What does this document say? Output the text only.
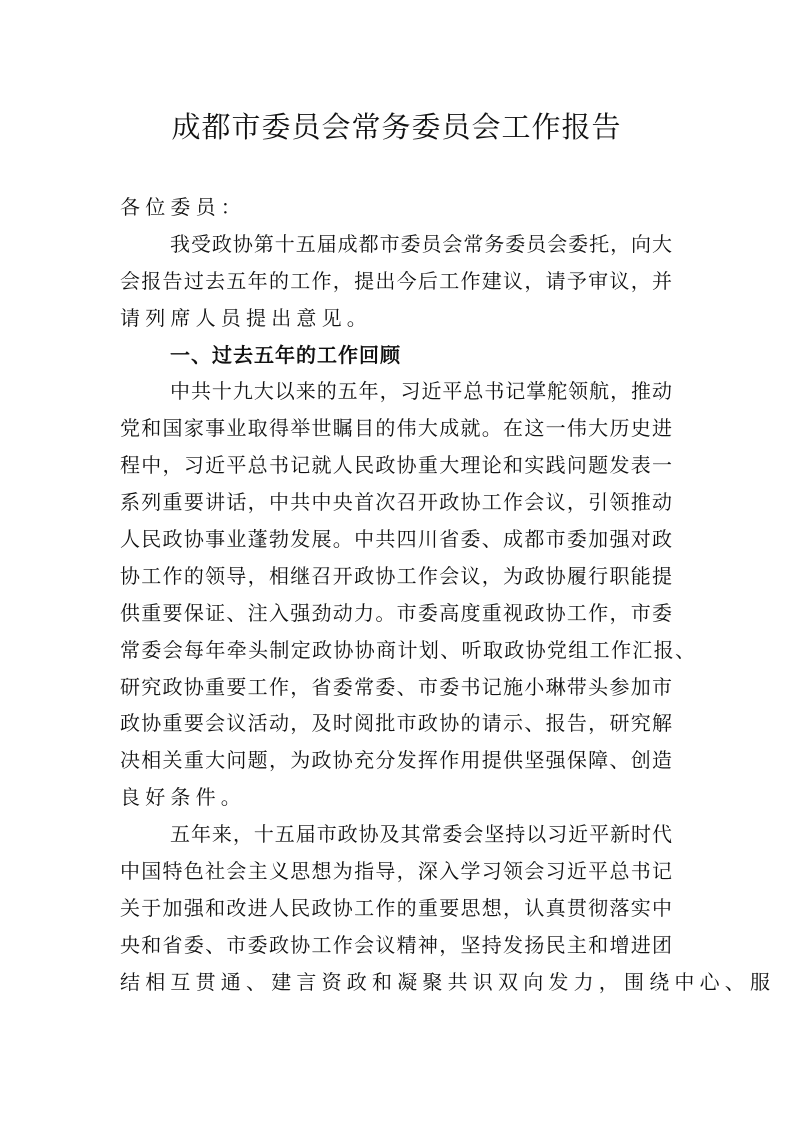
成都市委员会常务委员会工作报告
各位委员：
我受政协第十五届成都市委员会常务委员会委托，向大
会报告过去五年的工作，提出今后工作建议，请予审议，并
请列席人员提出意见。
一、过去五年的工作回顾
中共十九大以来的五年，习近平总书记掌舵领航，推动
党和国家事业取得举世瞩目的伟大成就。在这一伟大历史进
程中，习近平总书记就人民政协重大理论和实践问题发表一
系列重要讲话，中共中央首次召开政协工作会议，引领推动
人民政协事业蓬勃发展。中共四川省委、成都市委加强对政
协工作的领导，相继召开政协工作会议，为政协履行职能提
供重要保证、注入强劲动力。市委高度重视政协工作，市委
常委会每年牵头制定政协协商计划、听取政协党组工作汇报、
研究政协重要工作，省委常委、市委书记施小琳带头参加市
政协重要会议活动，及时阅批市政协的请示、报告，研究解
决相关重大问题，为政协充分发挥作用提供坚强保障、创造
良好条件。
五年来，十五届市政协及其常委会坚持以习近平新时代
中国特色社会主义思想为指导，深入学习领会习近平总书记
关于加强和改进人民政协工作的重要思想，认真贯彻落实中
央和省委、市委政协工作会议精神，坚持发扬民主和增进团
结相互贯通、建言资政和凝聚共识双向发力，围绕中心、服
